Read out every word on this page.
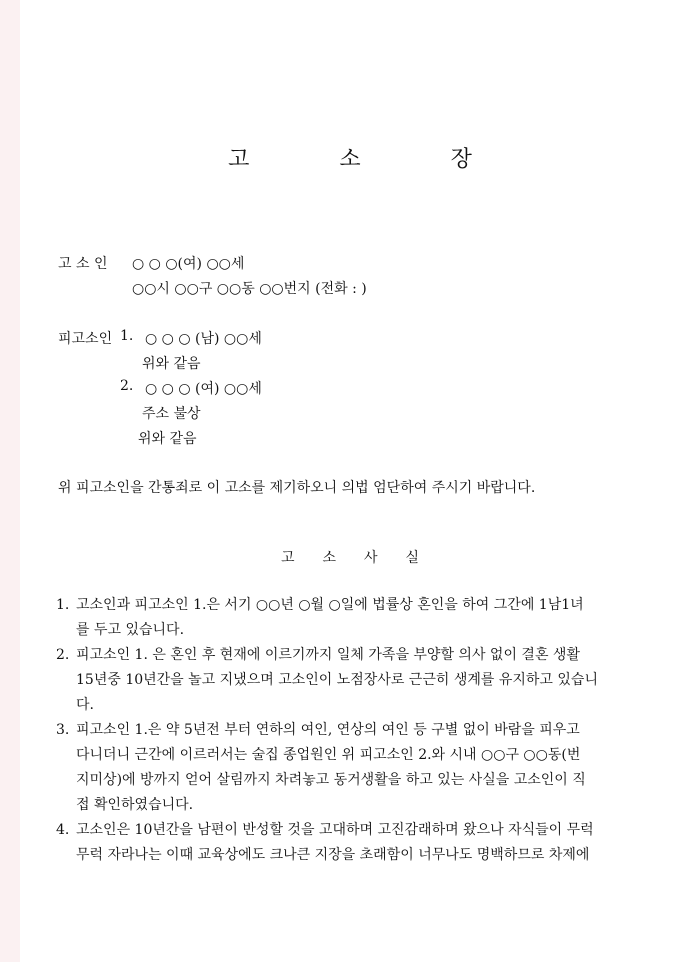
고	소	장
고 소 인 ○ ○ ○(여) ○○세
○○시 ○○구 ○○동 ○○번지 (전화 : )
피고소인 1. ○ ○ ○ (남) ○○세
위와 같음
2. ○ ○ ○ (여) ○○세
주소 불상
위와 같음
위 피고소인을 간통죄로 이 고소를 제기하오니 의법 엄단하여 주시기 바랍니다.
고 소 사 실
1. 고소인과 피고소인 1.은 서기 ○○년 ○월 ○일에 법률상 혼인을 하여 그간에 1남1녀
를 두고 있습니다.
2. 피고소인 1. 은 혼인 후 현재에 이르기까지 일체 가족을 부양할 의사 없이 결혼 생활
15년중 10년간을 놀고 지냈으며 고소인이 노점장사로 근근히 생계를 유지하고 있습니
다.
3. 피고소인 1.은 약 5년전 부터 연하의 여인, 연상의 여인 등 구별 없이 바람을 피우고
다니더니 근간에 이르러서는 술집 종업원인 위 피고소인 2.와 시내 ○○구 ○○동(번
지미상)에 방까지 얻어 살림까지 차려놓고 동거생활을 하고 있는 사실을 고소인이 직
접 확인하였습니다.
4. 고소인은 10년간을 남편이 반성할 것을 고대하며 고진감래하며 왔으나 자식들이 무럭
무럭 자라나는 이때 교육상에도 크나큰 지장을 초래함이 너무나도 명백하므로 차제에
